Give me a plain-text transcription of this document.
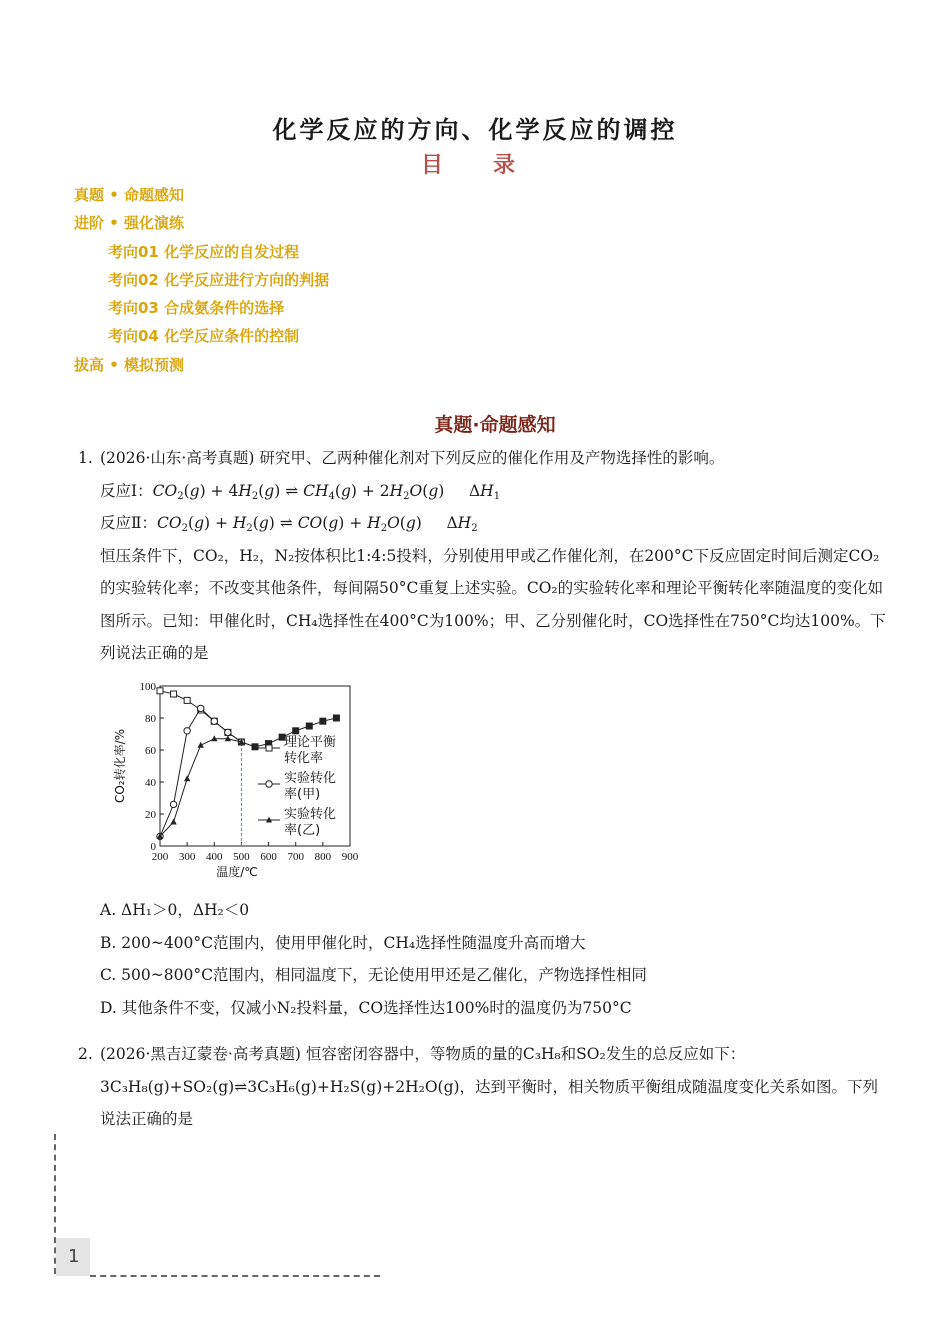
化学反应的方向、化学反应的调控
目　录
真题 • 命题感知
进阶 • 强化演练
考向01 化学反应的自发过程
考向02 化学反应进行方向的判据
考向03 合成氨条件的选择
考向04 化学反应条件的控制
拔高 • 模拟预测
真题·命题感知
1. (2026·山东·高考真题) 研究甲、乙两种催化剂对下列反应的催化作用及产物选择性的影响。
反应Ⅰ：$CO_2(g) + 4H_2(g)$ ⇌ $CH_4(g) + 2H_2O(g)$     $\Delta H_1$
反应Ⅱ：$CO_2(g) + H_2(g)$ ⇌ $CO(g) + H_2O(g)$     $\Delta H_2$
恒压条件下，CO₂，H₂，N₂按体积比1:4:5投料，分别使用甲或乙作催化剂，在200°C下反应固定时间后测定CO₂的实验转化率；不改变其他条件，每间隔50°C重复上述实验。CO₂的实验转化率和理论平衡转化率随温度的变化如图所示。已知：甲催化时，CH₄选择性在400°C为100%；甲、乙分别催化时，CO选择性在750°C均达100%。下列说法正确的是
200 300 400 500 600 700 800 900
0
20
40
60
80
100
温度/℃
CO₂转化率/%	理论平衡
转化率
实验转化
率(甲)
实验转化
率(乙)
A. ΔH₁＞0，ΔH₂＜0
B. 200~400°C范围内，使用甲催化时，CH₄选择性随温度升高而增大
C. 500~800°C范围内，相同温度下，无论使用甲还是乙催化，产物选择性相同
D. 其他条件不变，仅减小N₂投料量，CO选择性达100%时的温度仍为750°C
2. (2026·黑吉辽蒙卷·高考真题) 恒容密闭容器中，等物质的量的C₃H₈和SO₂发生的总反应如下：3C₃H₈(g)+SO₂(g)⇌3C₃H₆(g)+H₂S(g)+2H₂O(g)，达到平衡时，相关物质平衡组成随温度变化关系如图。下列说法正确的是
1
